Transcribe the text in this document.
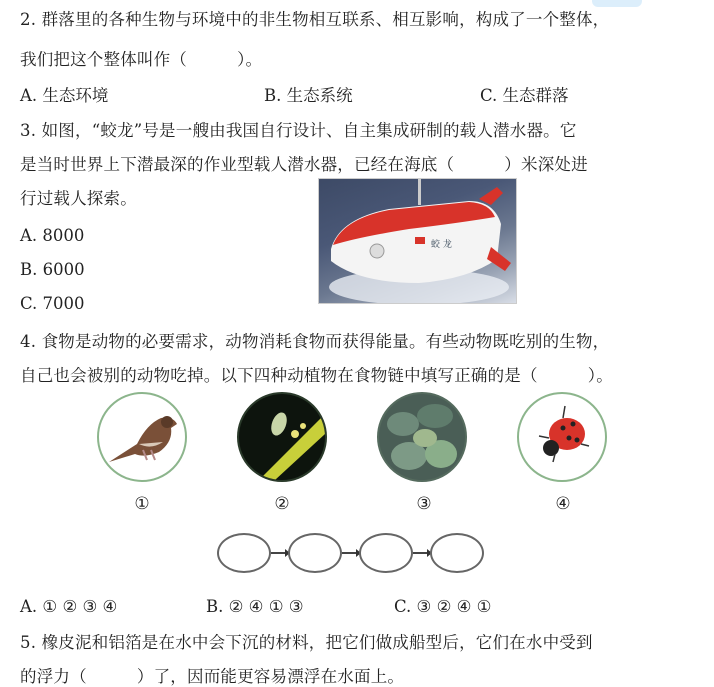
2. 群落里的各种生物与环境中的非生物相互联系、相互影响，构成了一个整体，
我们把这个整体叫作（　　　）。
A. 生态环境	B. 生态系统	C. 生态群落
3. 如图，“蛟龙”号是一艘由我国自行设计、自主集成研制的载人潜水器。它
是当时世界上下潜最深的作业型载人潜水器，已经在海底（　　　）米深处进
行过载人探索。
A. 8000
B. 6000
C. 7000
蛟 龙
4. 食物是动物的必要需求，动物消耗食物而获得能量。有些动物既吃别的生物，
自己也会被别的动物吃掉。以下四种动植物在食物链中填写正确的是（　　　）。
①	②	③	④
A. ① ② ③ ④	B. ② ④ ① ③	C. ③ ② ④ ①
5. 橡皮泥和铝箔是在水中会下沉的材料，把它们做成船型后，它们在水中受到
的浮力（　　　）了，因而能更容易漂浮在水面上。
